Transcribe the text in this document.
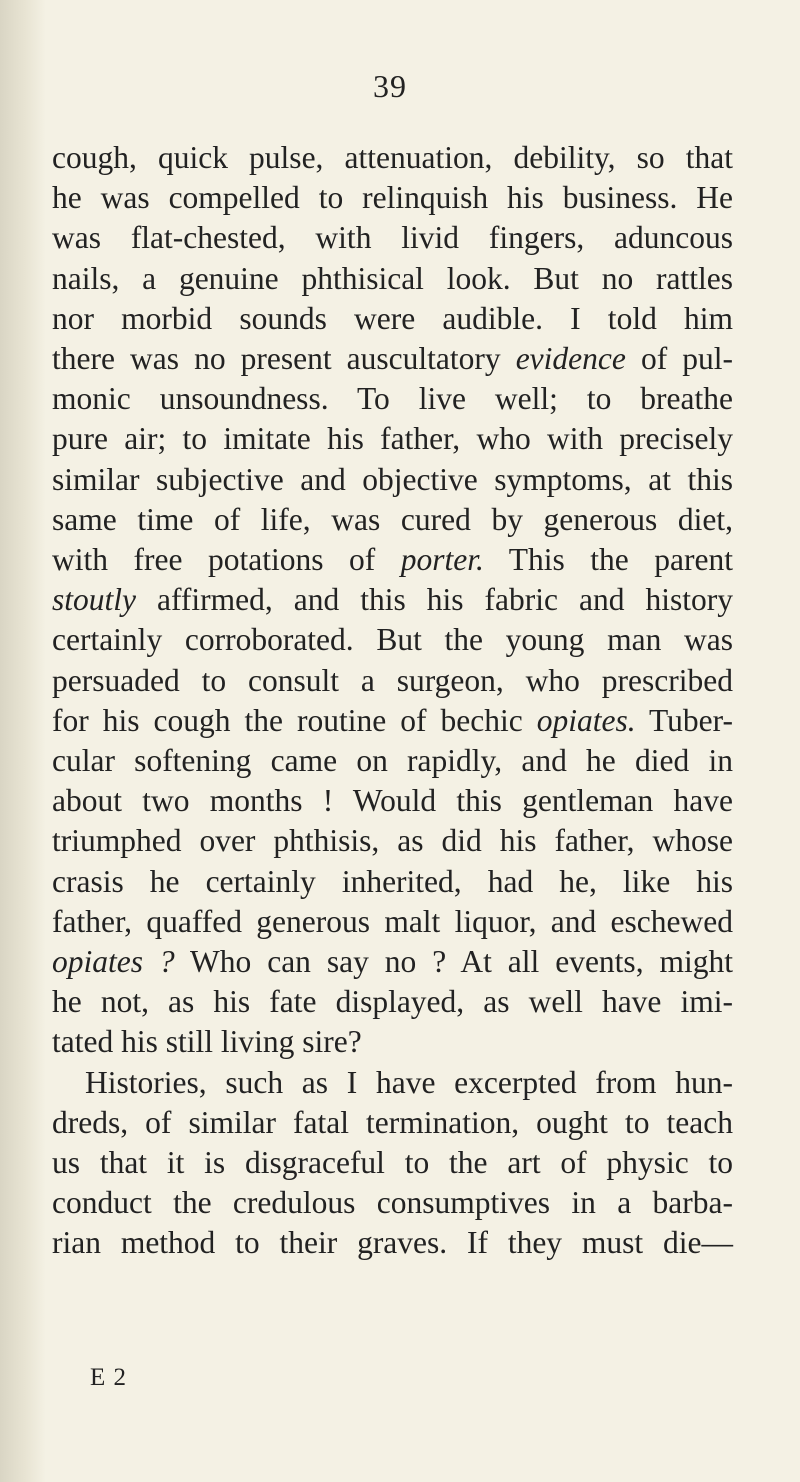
39
cough, quick pulse, attenuation, debility, so that
he was compelled to relinquish his business. He
was flat-chested, with livid fingers, aduncous
nails, a genuine phthisical look. But no rattles
nor morbid sounds were audible. I told him
there was no present auscultatory evidence of pul-
monic unsoundness. To live well; to breathe
pure air; to imitate his father, who with precisely
similar subjective and objective symptoms, at this
same time of life, was cured by generous diet,
with free potations of porter. This the parent
stoutly affirmed, and this his fabric and history
certainly corroborated. But the young man was
persuaded to consult a surgeon, who prescribed
for his cough the routine of bechic opiates. Tuber-
cular softening came on rapidly, and he died in
about two months ! Would this gentleman have
triumphed over phthisis, as did his father, whose
crasis he certainly inherited, had he, like his
father, quaffed generous malt liquor, and eschewed
opiates ? Who can say no ? At all events, might
he not, as his fate displayed, as well have imi-
tated his still living sire?
Histories, such as I have excerpted from hun-
dreds, of similar fatal termination, ought to teach
us that it is disgraceful to the art of physic to
conduct the credulous consumptives in a barba-
rian method to their graves. If they must die—
E 2
